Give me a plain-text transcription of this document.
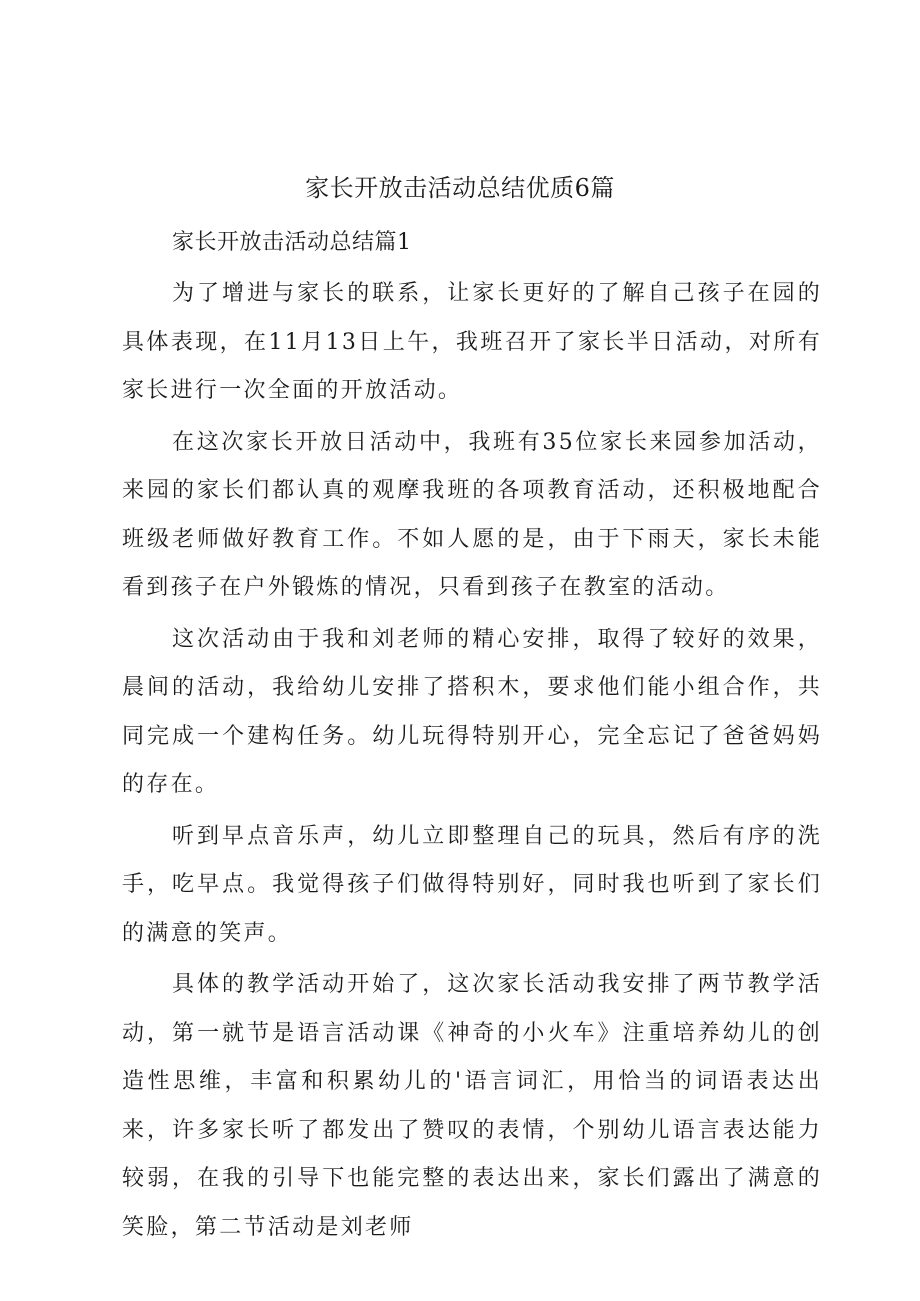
家长开放击活动总结优质6篇
家长开放击活动总结篇1

为了增进与家长的联系，让家长更好的了解自己孩子在园的具体表现，在11月13日上午，我班召开了家长半日活动，对所有家长进行一次全面的开放活动。

在这次家长开放日活动中，我班有35位家长来园参加活动，来园的家长们都认真的观摩我班的各项教育活动，还积极地配合班级老师做好教育工作。不如人愿的是，由于下雨天，家长未能看到孩子在户外锻炼的情况，只看到孩子在教室的活动。

这次活动由于我和刘老师的精心安排，取得了较好的效果，晨间的活动，我给幼儿安排了搭积木，要求他们能小组合作，共同完成一个建构任务。幼儿玩得特别开心，完全忘记了爸爸妈妈的存在。

听到早点音乐声，幼儿立即整理自己的玩具，然后有序的洗手，吃早点。我觉得孩子们做得特别好，同时我也听到了家长们的满意的笑声。

具体的教学活动开始了，这次家长活动我安排了两节教学活动，第一就节是语言活动课《神奇的小火车》注重培养幼儿的创造性思维，丰富和积累幼儿的'语言词汇，用恰当的词语表达出来，许多家长听了都发出了赞叹的表情，个别幼儿语言表达能力较弱，在我的引导下也能完整的表达出来，家长们露出了满意的笑脸，第二节活动是刘老师
